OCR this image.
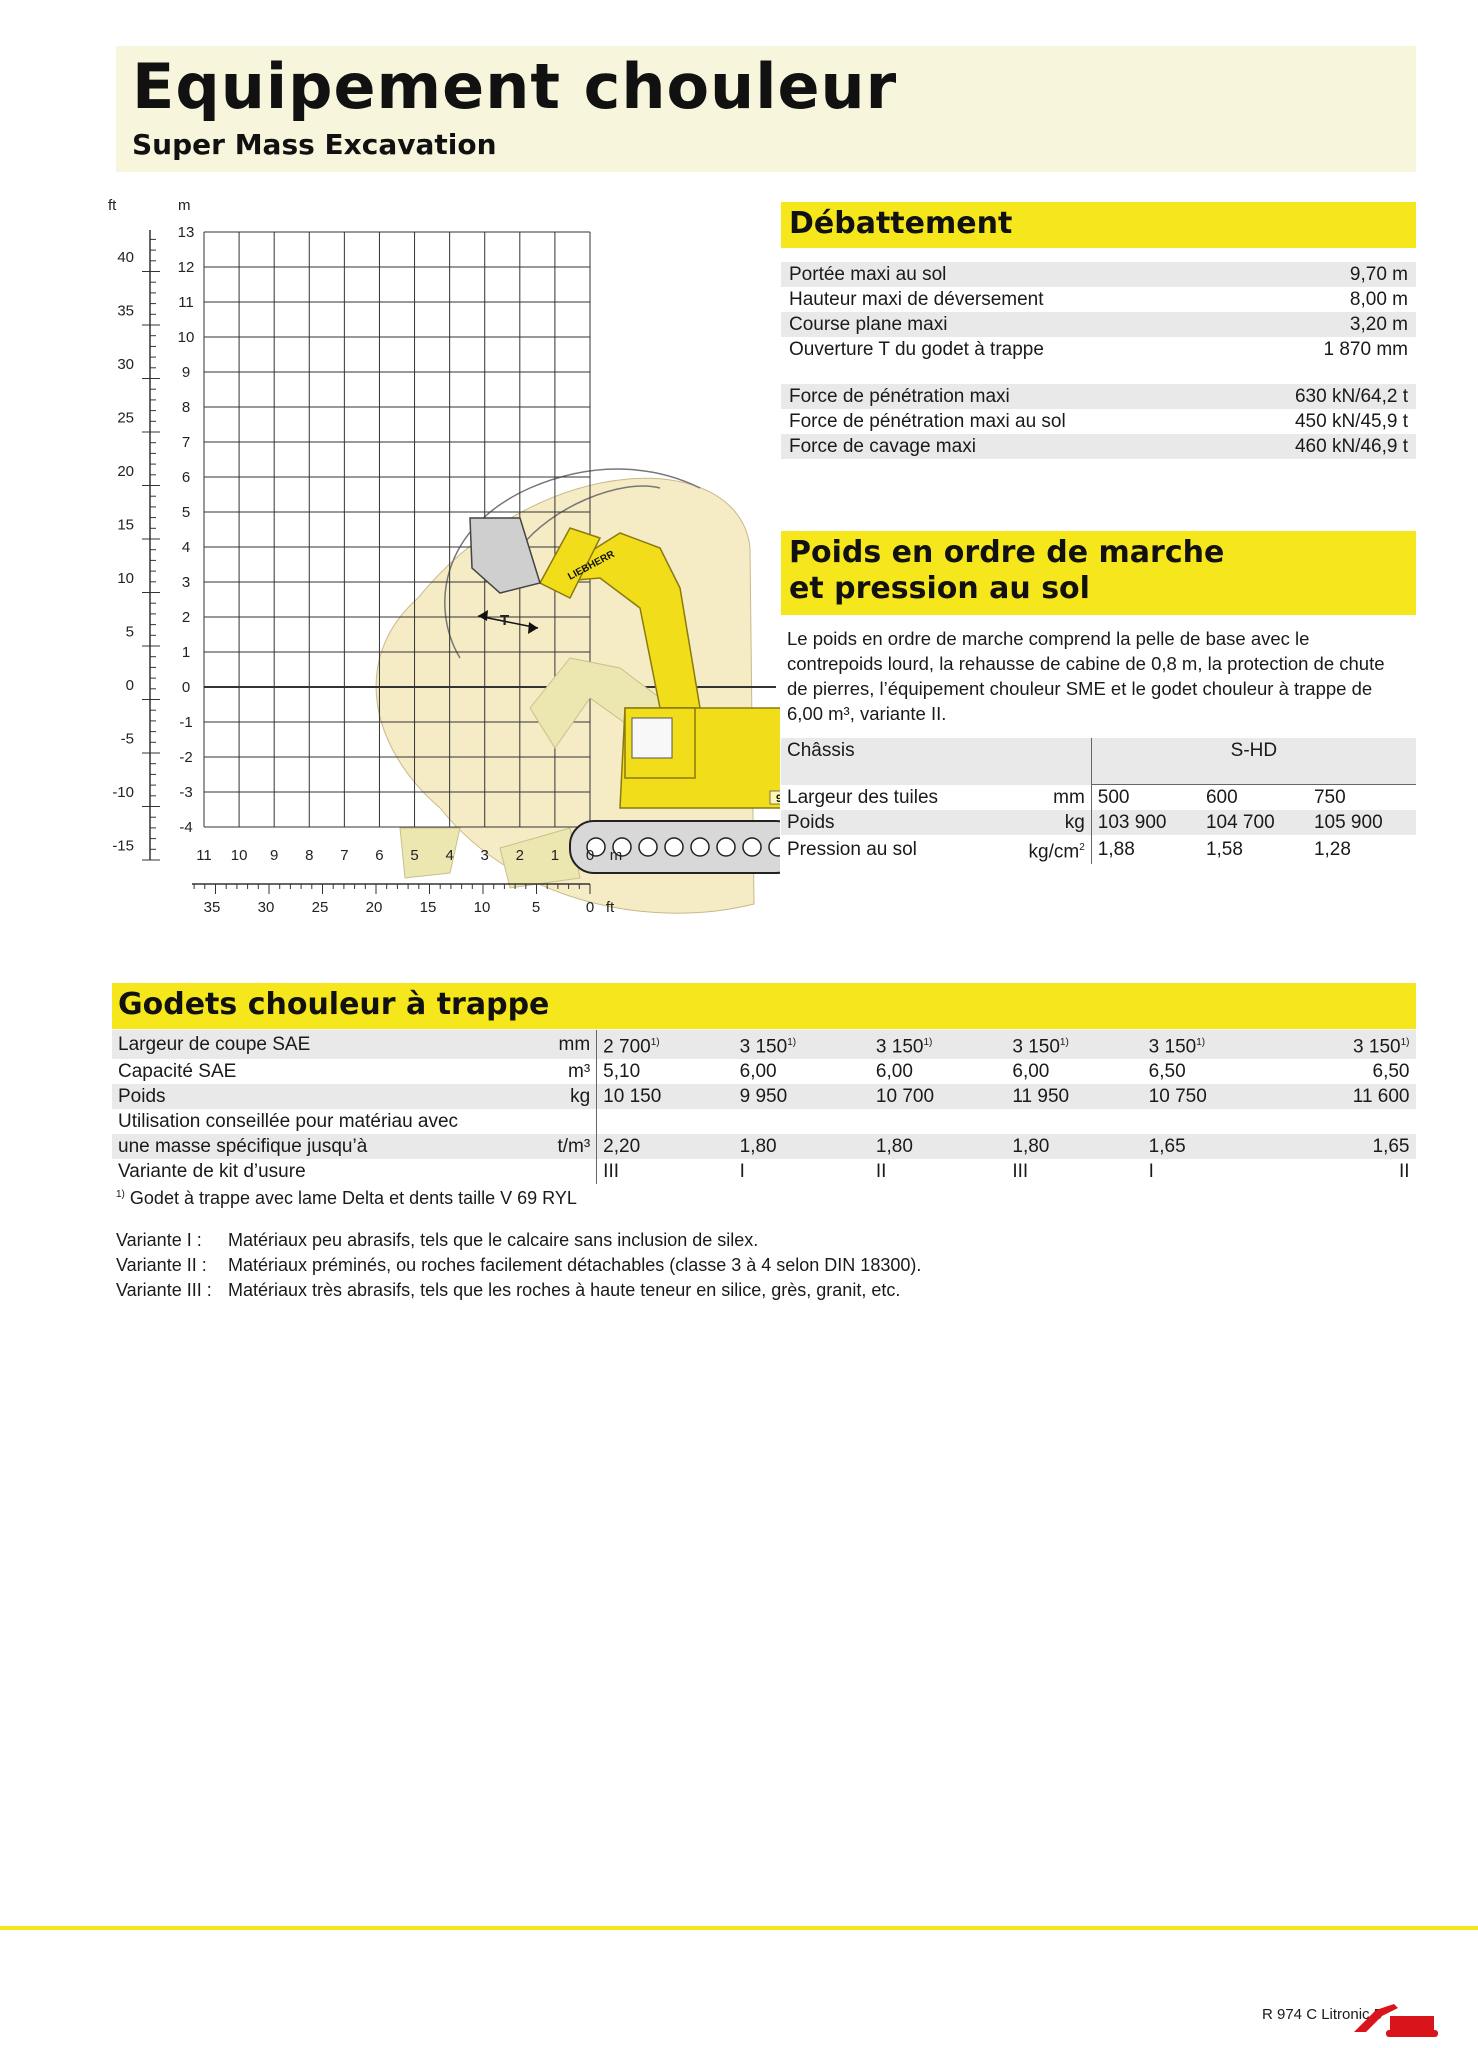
Equipement chouleur
Super Mass Excavation
T
9
LIEBHERR
ft	m
13
12
11
10
9
8
7
6
5
4
3
2
1
0
-1
-2
-3
-4
40
35
30
25
20
15
10
5
0
-5
-10
-15
11 10 9 8 7 6 5 4 3 2 1 0 m
35 30 25 20 15 10	5	0 ft
Débattement
Portée maxi au sol	9,70 m
Hauteur maxi de déversement	8,00 m
Course plane maxi	3,20 m
Ouverture T du godet à trappe	1 870 mm
Force de pénétration maxi	630 kN/64,2 t
Force de pénétration maxi au sol	450 kN/45,9 t
Force de cavage maxi	460 kN/46,9 t
Poids en ordre de marche
et pression au sol
Le poids en ordre de marche comprend la pelle de base avec le contrepoids lourd, la rehausse de cabine de 0,8 m, la protection de chute de pierres, l’équipement chouleur SME et le godet chouleur à trappe de 6,00 m³, variante II.
Châssis		S-HD		
Largeur des tuiles	mm	500	600	750
Poids	kg	103 900	104 700	105 900
Pression au sol	$kg/cm^2$	1,88	1,58	1,28
Godets chouleur à trappe
Largeur de coupe SAE	mm	2 700$^{1)}$	3 150$^{1)}$	3 150$^{1)}$	3 150$^{1)}$	3 150$^{1)}$	3 150$^{1)}$
Capacité SAE	m³	5,10	6,00	6,00	6,00	6,50	6,50
Poids	kg	10 150	9 950	10 700	11 950	10 750	11 600
Utilisation conseillée pour matériau avec							
une masse spécifique jusqu’à	t/m³	2,20	1,80	1,80	1,80	1,65	1,65
Variante de kit d’usure		III	I	II	III	I	II
$^{1)}$ Godet à trappe avec lame Delta et dents taille V 69 RYL
Variante I : Matériaux peu abrasifs, tels que le calcaire sans inclusion de silex.
Variante II : Matériaux préminés, ou roches facilement détachables (classe 3 à 4 selon DIN 18300).
Variante III : Matériaux très abrasifs, tels que les roches à haute teneur en silice, grès, granit, etc.
R 974 C Litronic
